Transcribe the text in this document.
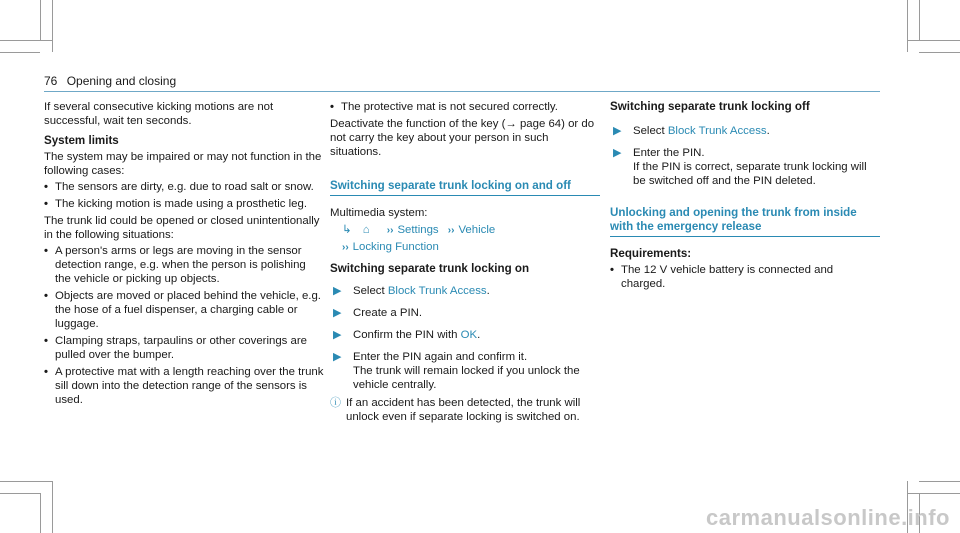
76 Opening and closing

If several consecutive kicking motions are not successful, wait ten seconds.

System limits

The system may be impaired or may not function in the following cases:

• The sensors are dirty, e.g. due to road salt or snow.
• The kicking motion is made using a prosthetic leg.

The trunk lid could be opened or closed unintentionally in the following situations:

• A person's arms or legs are moving in the sensor detection range, e.g. when the person is polishing the vehicle or picking up objects.
• Objects are moved or placed behind the vehicle, e.g. the hose of a fuel dispenser, a charging cable or luggage.
• Clamping straps, tarpaulins or other coverings are pulled over the bumper.
• A protective mat with a length reaching over the trunk sill down into the detection range of the sensors is used.
• The protective mat is not secured correctly.

Deactivate the function of the key (→ page 64) or do not carry the key about your person in such situations.

Switching separate trunk locking on and off

Multimedia system:

↳ ⌂ ›› Settings ›› Vehicle
›› Locking Function
Switching separate trunk locking on
▶	Select Block Trunk Access.
▶	Create a PIN.
▶	Confirm the PIN with OK.
▶	Enter the PIN again and confirm it.
The trunk will remain locked if you unlock the vehicle centrally.
ⓘ If an accident has been detected, the trunk will unlock even if separate locking is switched on.
Switching separate trunk locking off
▶	Select Block Trunk Access.
▶	Enter the PIN.
If the PIN is correct, separate trunk locking will be switched off and the PIN deleted.
Unlocking and opening the trunk from inside with the emergency release
Requirements:
• The 12 V vehicle battery is connected and charged.
carmanualsonline.info
